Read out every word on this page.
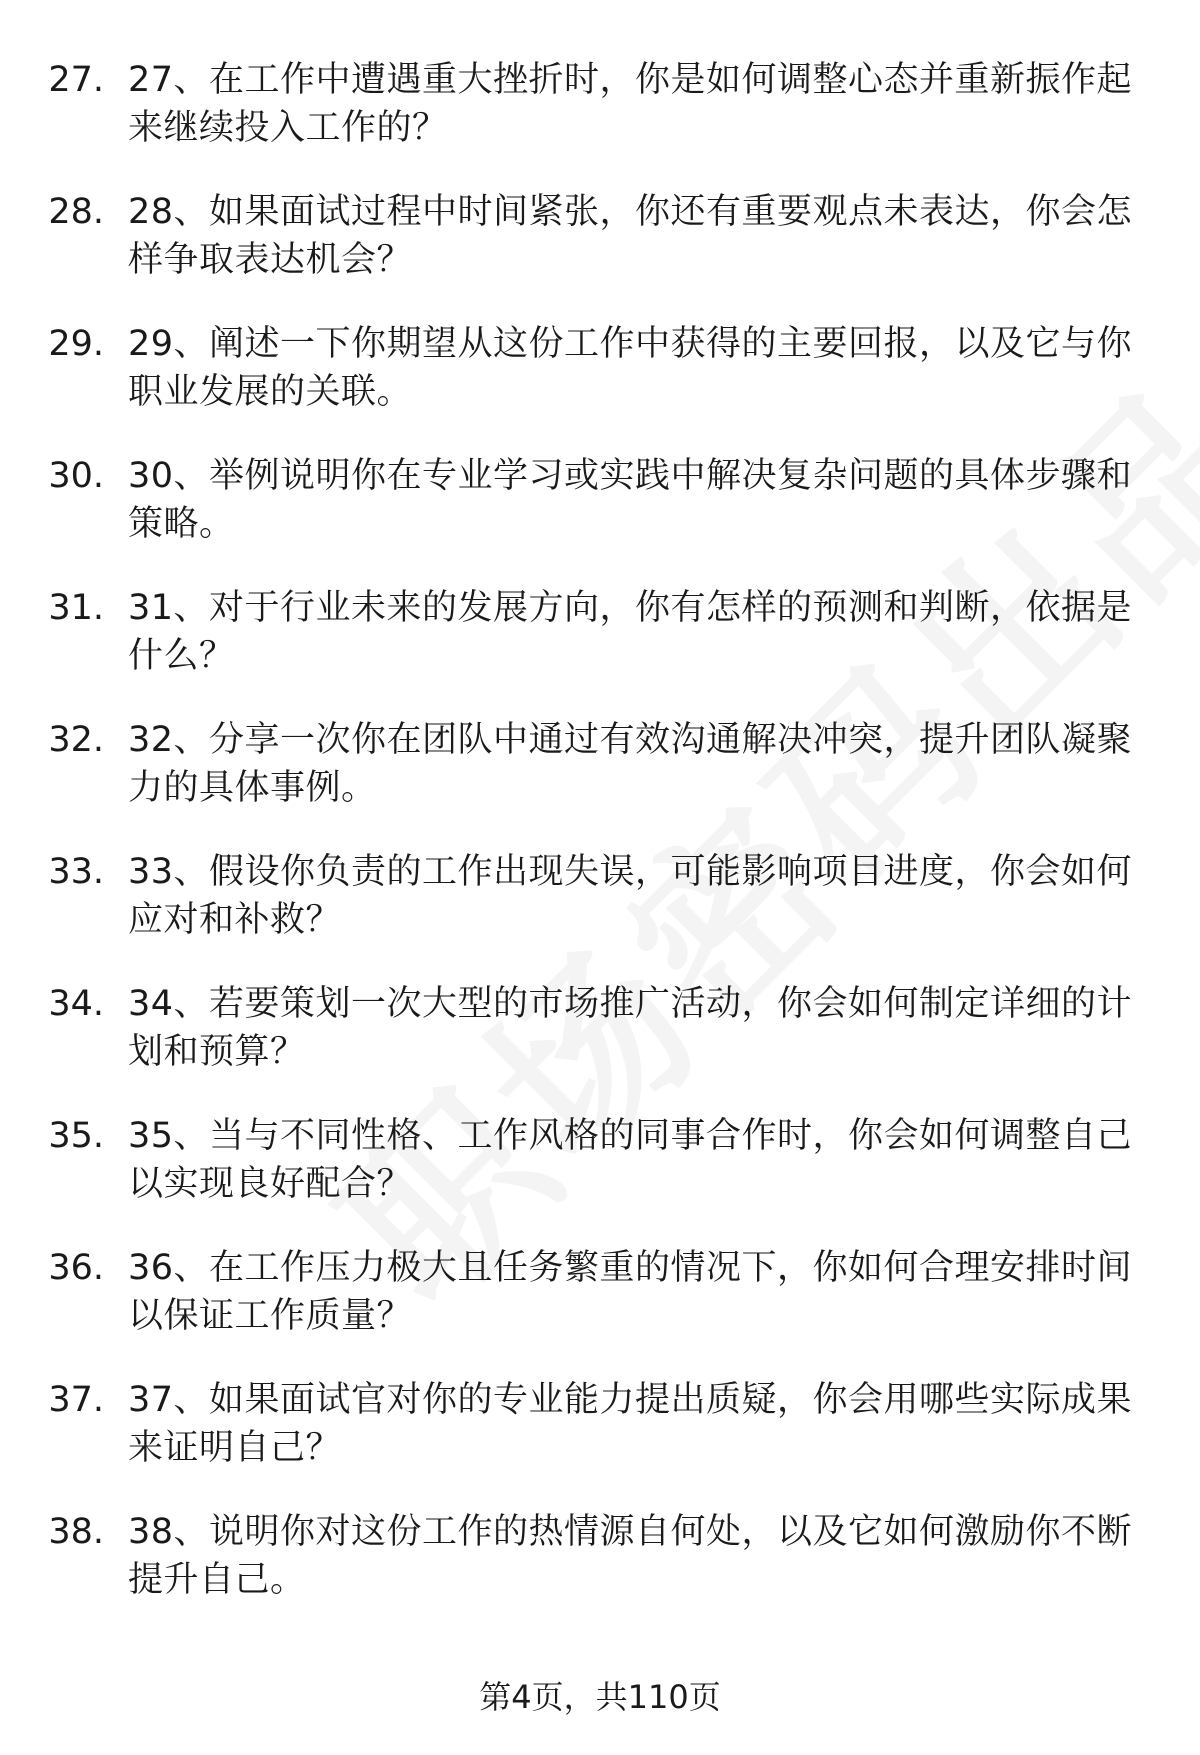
27. 27、在工作中遭遇重大挫折时，你是如何调整心态并重新振作起来继续投入工作的？
28. 28、如果面试过程中时间紧张，你还有重要观点未表达，你会怎样争取表达机会？
29. 29、阐述一下你期望从这份工作中获得的主要回报，以及它与你职业发展的关联。
30. 30、举例说明你在专业学习或实践中解决复杂问题的具体步骤和策略。
31. 31、对于行业未来的发展方向，你有怎样的预测和判断，依据是什么？
32. 32、分享一次你在团队中通过有效沟通解决冲突，提升团队凝聚力的具体事例。
33. 33、假设你负责的工作出现失误，可能影响项目进度，你会如何应对和补救？
34. 34、若要策划一次大型的市场推广活动，你会如何制定详细的计划和预算？
35. 35、当与不同性格、工作风格的同事合作时，你会如何调整自己以实现良好配合？
36. 36、在工作压力极大且任务繁重的情况下，你如何合理安排时间以保证工作质量？
37. 37、如果面试官对你的专业能力提出质疑，你会用哪些实际成果来证明自己？
38. 38、说明你对这份工作的热情源自何处，以及它如何激励你不断提升自己。
第4页，共110页
